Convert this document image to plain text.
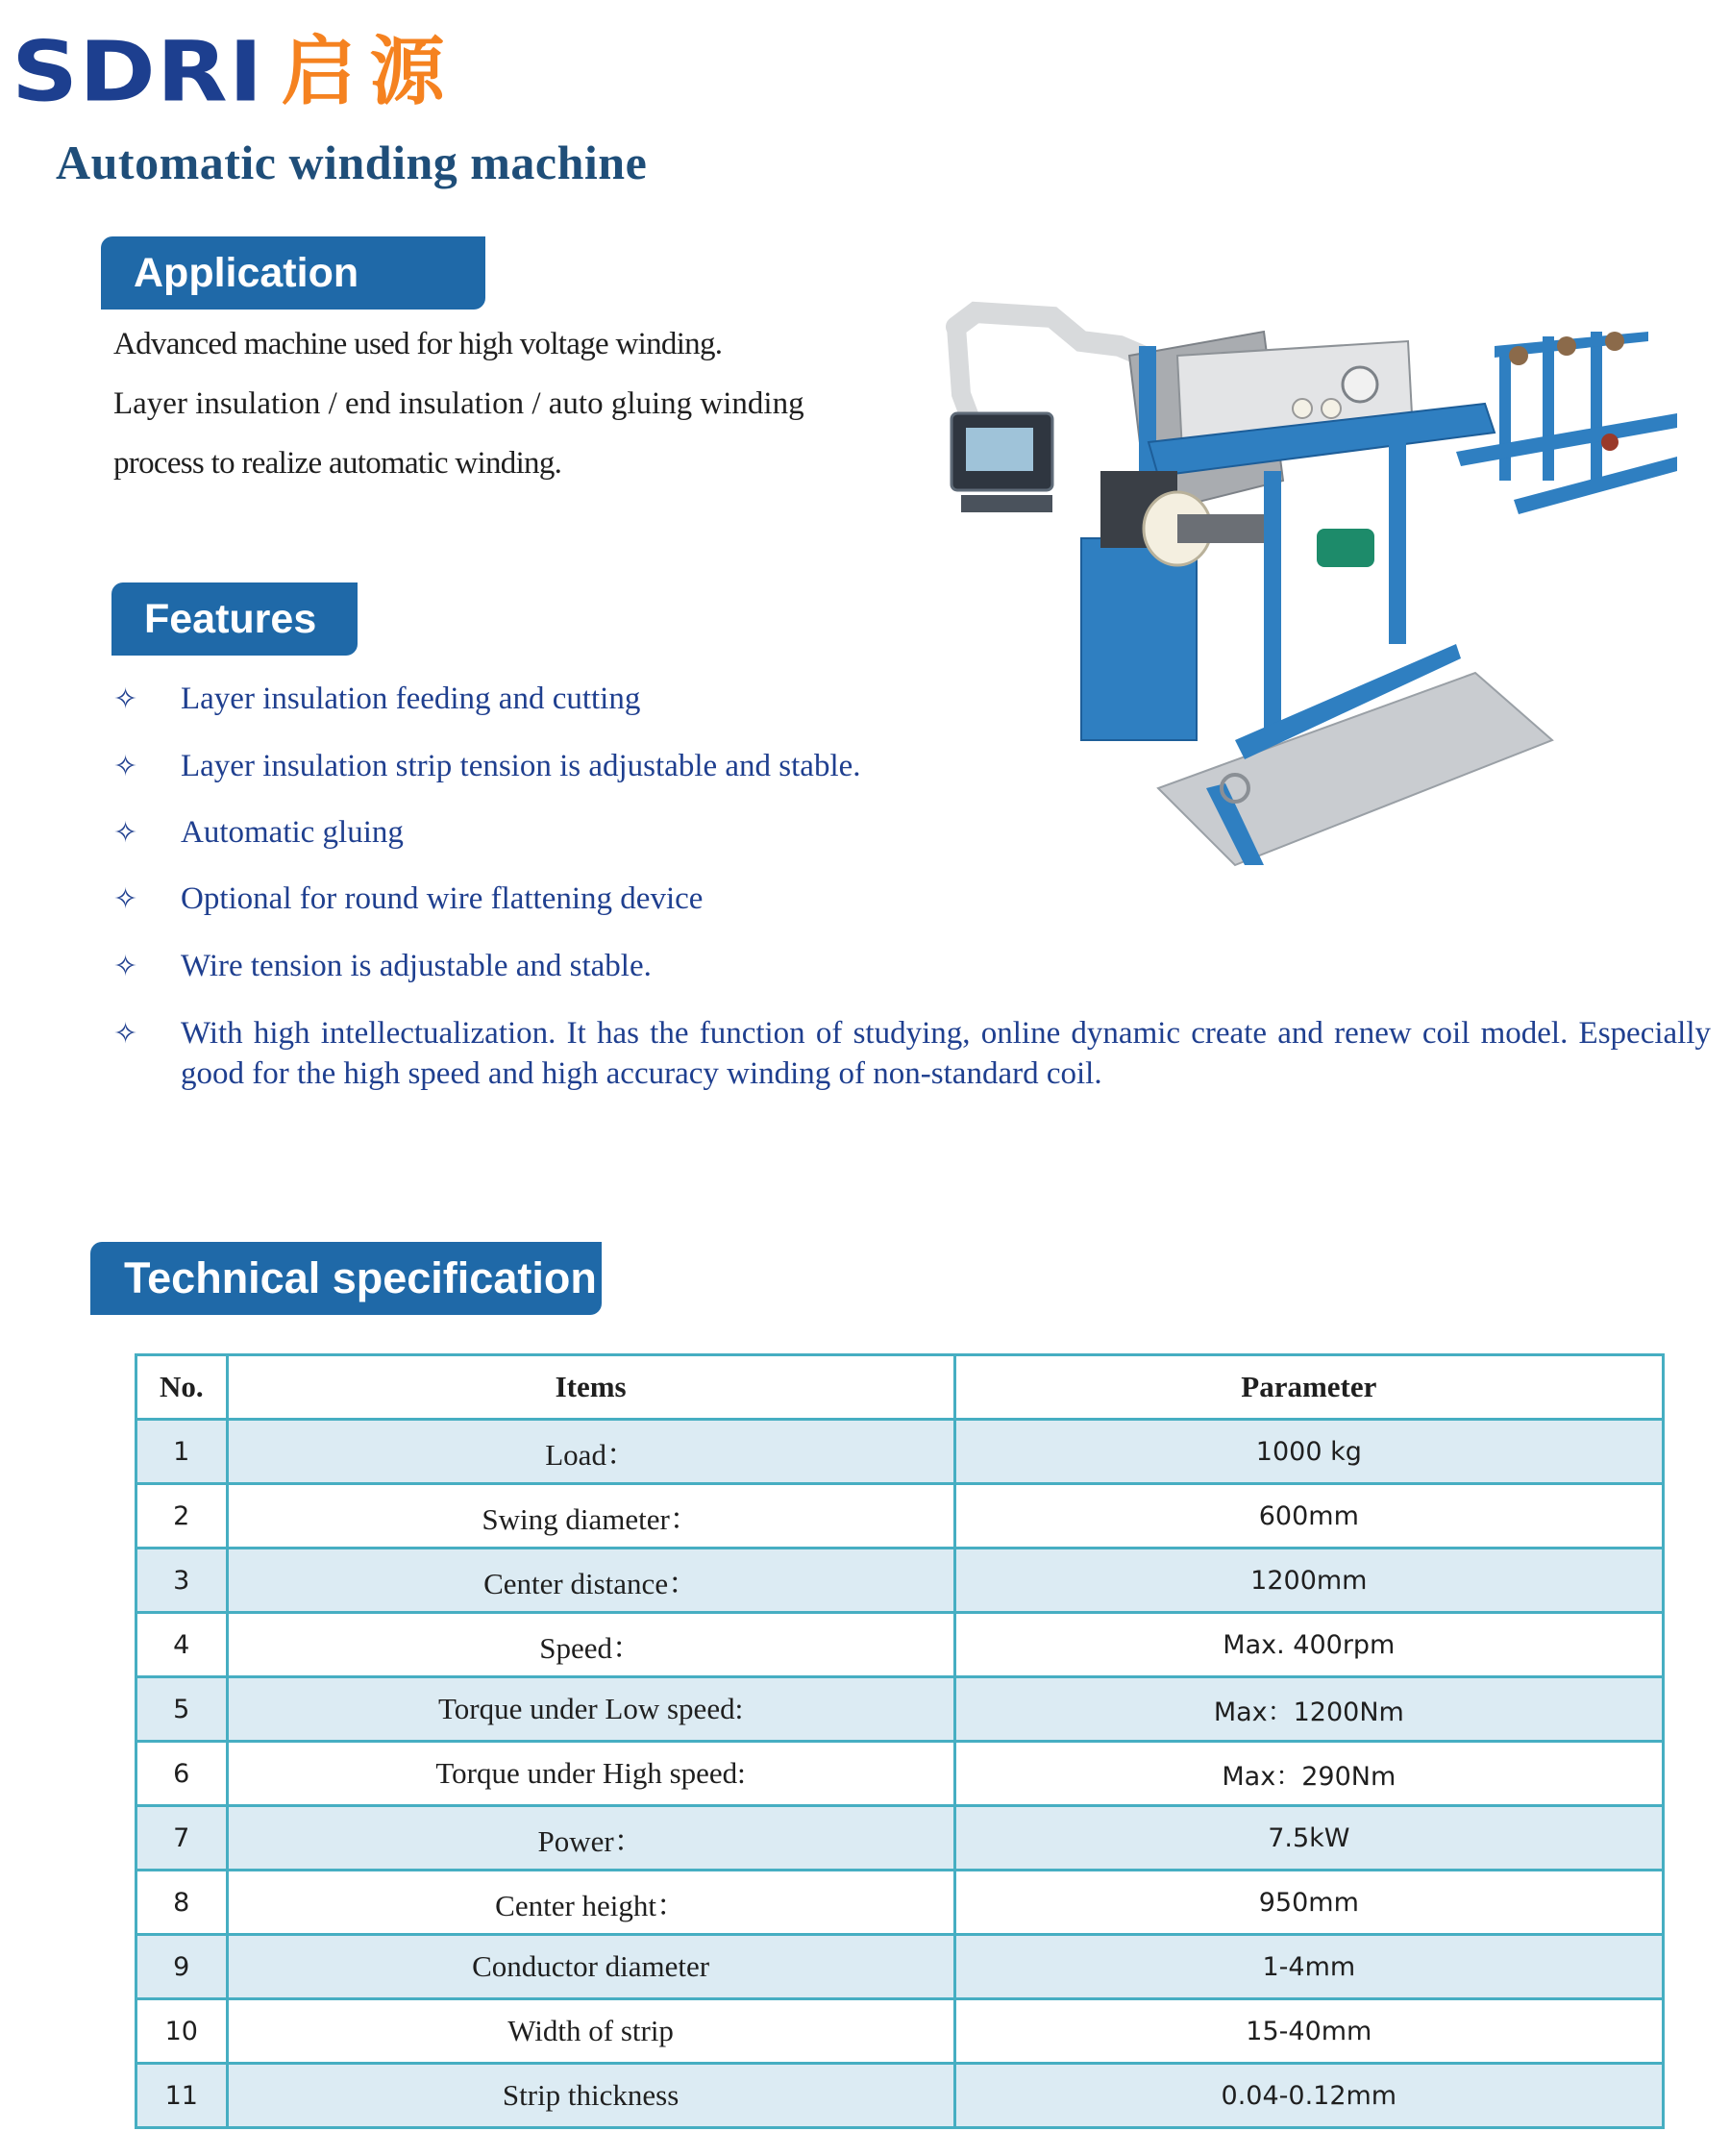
SDRI 启源
Automatic winding machine
Application
Advanced machine used for high voltage winding.
Layer insulation / end insulation / auto gluing winding
process to realize automatic winding.
Features
✧	Layer insulation feeding and cutting
✧	Layer insulation strip tension is adjustable and stable.
✧	Automatic gluing
✧	Optional for round wire flattening device
✧	Wire tension is adjustable and stable.
✧	With high intellectualization. It has the function of studying, online dynamic create and renew coil model. Especially good for the high speed and high accuracy winding of non-standard coil.
Technical specification
No.	Items	Parameter
1	Load：	1000 kg
2	Swing diameter：	600mm
3	Center distance：	1200mm
4	Speed：	Max. 400rpm
5	Torque under Low speed:	Max：1200Nm
6	Torque under High speed:	Max：290Nm
7	Power：	7.5kW
8	Center height：	950mm
9	Conductor diameter	1-4mm
10	Width of strip	15-40mm
11	Strip thickness	0.04-0.12mm
